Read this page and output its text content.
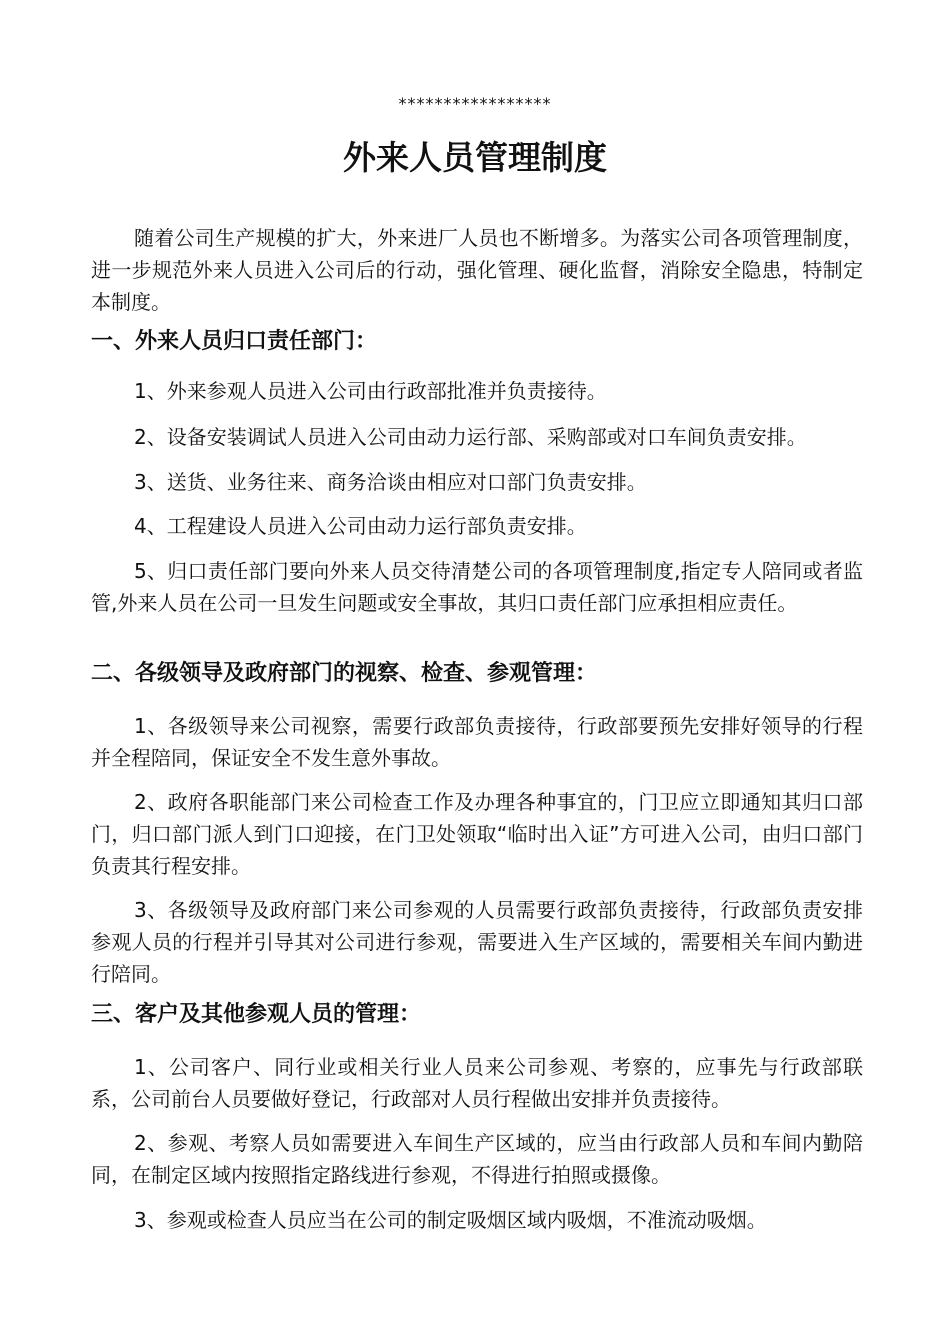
*****************
外来人员管理制度
随着公司生产规模的扩大，外来进厂人员也不断增多。为落实公司各项管理制度，进一步规范外来人员进入公司后的行动，强化管理、硬化监督，消除安全隐患，特制定本制度。
一、外来人员归口责任部门：
1、外来参观人员进入公司由行政部批准并负责接待。
2、设备安装调试人员进入公司由动力运行部、采购部或对口车间负责安排。
3、送货、业务往来、商务洽谈由相应对口部门负责安排。
4、工程建设人员进入公司由动力运行部负责安排。
5、归口责任部门要向外来人员交待清楚公司的各项管理制度,指定专人陪同或者监管,外来人员在公司一旦发生问题或安全事故，其归口责任部门应承担相应责任。
二、各级领导及政府部门的视察、检查、参观管理：
1、各级领导来公司视察，需要行政部负责接待，行政部要预先安排好领导的行程并全程陪同，保证安全不发生意外事故。
2、政府各职能部门来公司检查工作及办理各种事宜的，门卫应立即通知其归口部门，归口部门派人到门口迎接，在门卫处领取“临时出入证”方可进入公司，由归口部门负责其行程安排。
3、各级领导及政府部门来公司参观的人员需要行政部负责接待，行政部负责安排参观人员的行程并引导其对公司进行参观，需要进入生产区域的，需要相关车间内勤进行陪同。
三、客户及其他参观人员的管理：
1、公司客户、同行业或相关行业人员来公司参观、考察的，应事先与行政部联系，公司前台人员要做好登记，行政部对人员行程做出安排并负责接待。
2、参观、考察人员如需要进入车间生产区域的，应当由行政部人员和车间内勤陪同，在制定区域内按照指定路线进行参观，不得进行拍照或摄像。
3、参观或检查人员应当在公司的制定吸烟区域内吸烟，不准流动吸烟。
